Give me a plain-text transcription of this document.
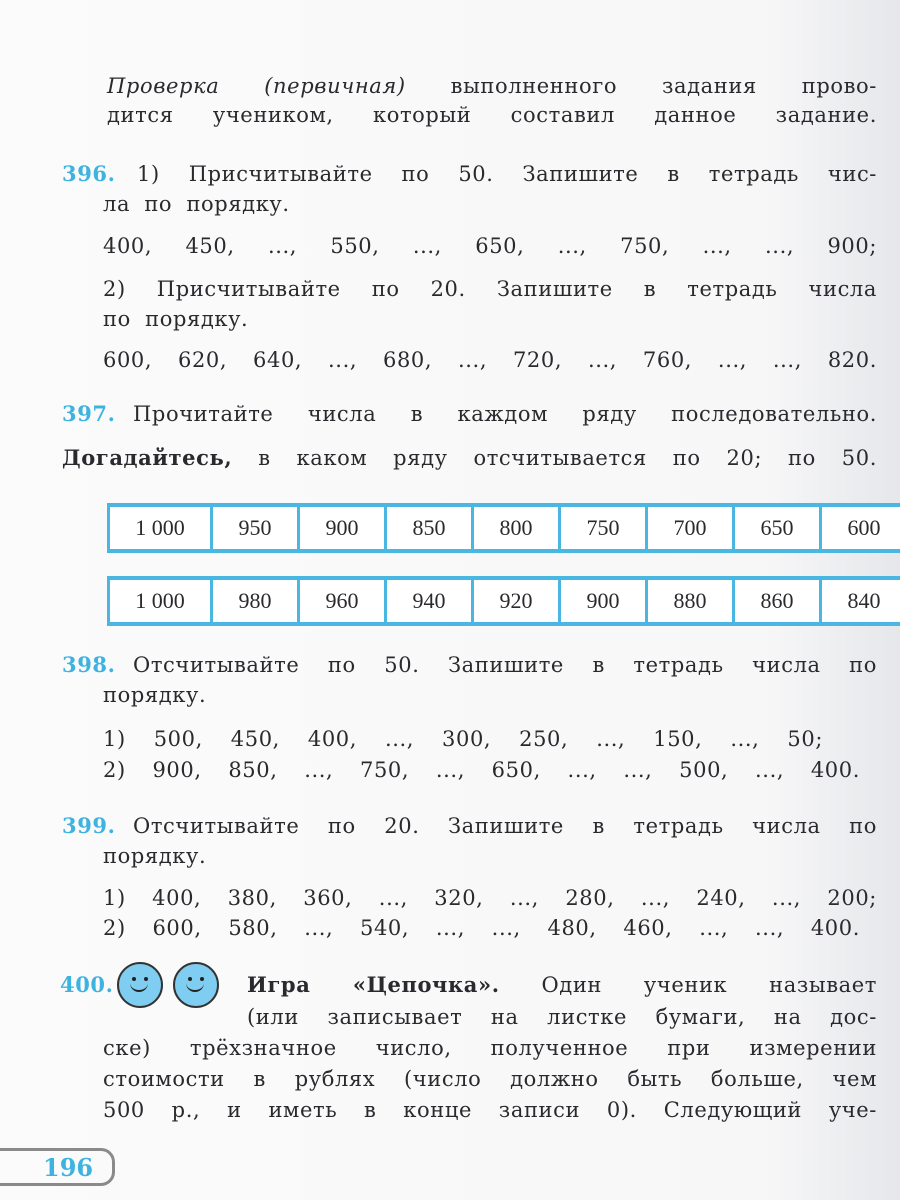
Проверка (первичная) выполненного задания прово-
дится учеником, который составил данное задание.
396. 1) Присчитывайте по 50. Запишите в тетрадь чис-
ла по порядку.
400, 450, ..., 550, ..., 650, ..., 750, ..., ..., 900;
2) Присчитывайте по 20. Запишите в тетрадь числа
по порядку.
600, 620, 640, ..., 680, ..., 720, ..., 760, ..., ..., 820.
397. Прочитайте числа в каждом ряду последовательно.
Догадайтесь, в каком ряду отсчитывается по 20; по 50.
1 000	950	900	850	800	750	700	650	600
1 000	980	960	940	920	900	880	860	840
398. Отсчитывайте по 50. Запишите в тетрадь числа по
порядку.
1) 500, 450, 400, ..., 300, 250, ..., 150, ..., 50;
2) 900, 850, ..., 750, ..., 650, ..., ..., 500, ..., 400.
399. Отсчитывайте по 20. Запишите в тетрадь числа по
порядку.
1) 400, 380, 360, ..., 320, ..., 280, ..., 240, ..., 200;
2) 600, 580, ..., 540, ..., ..., 480, 460, ..., ..., 400.
400.	Игра «Цепочка». Один ученик называет
(или записывает на листке бумаги, на дос-
ске) трёхзначное число, полученное при измерении
стоимости в рублях (число должно быть больше, чем
500 р., и иметь в конце записи 0). Следующий уче-
196
